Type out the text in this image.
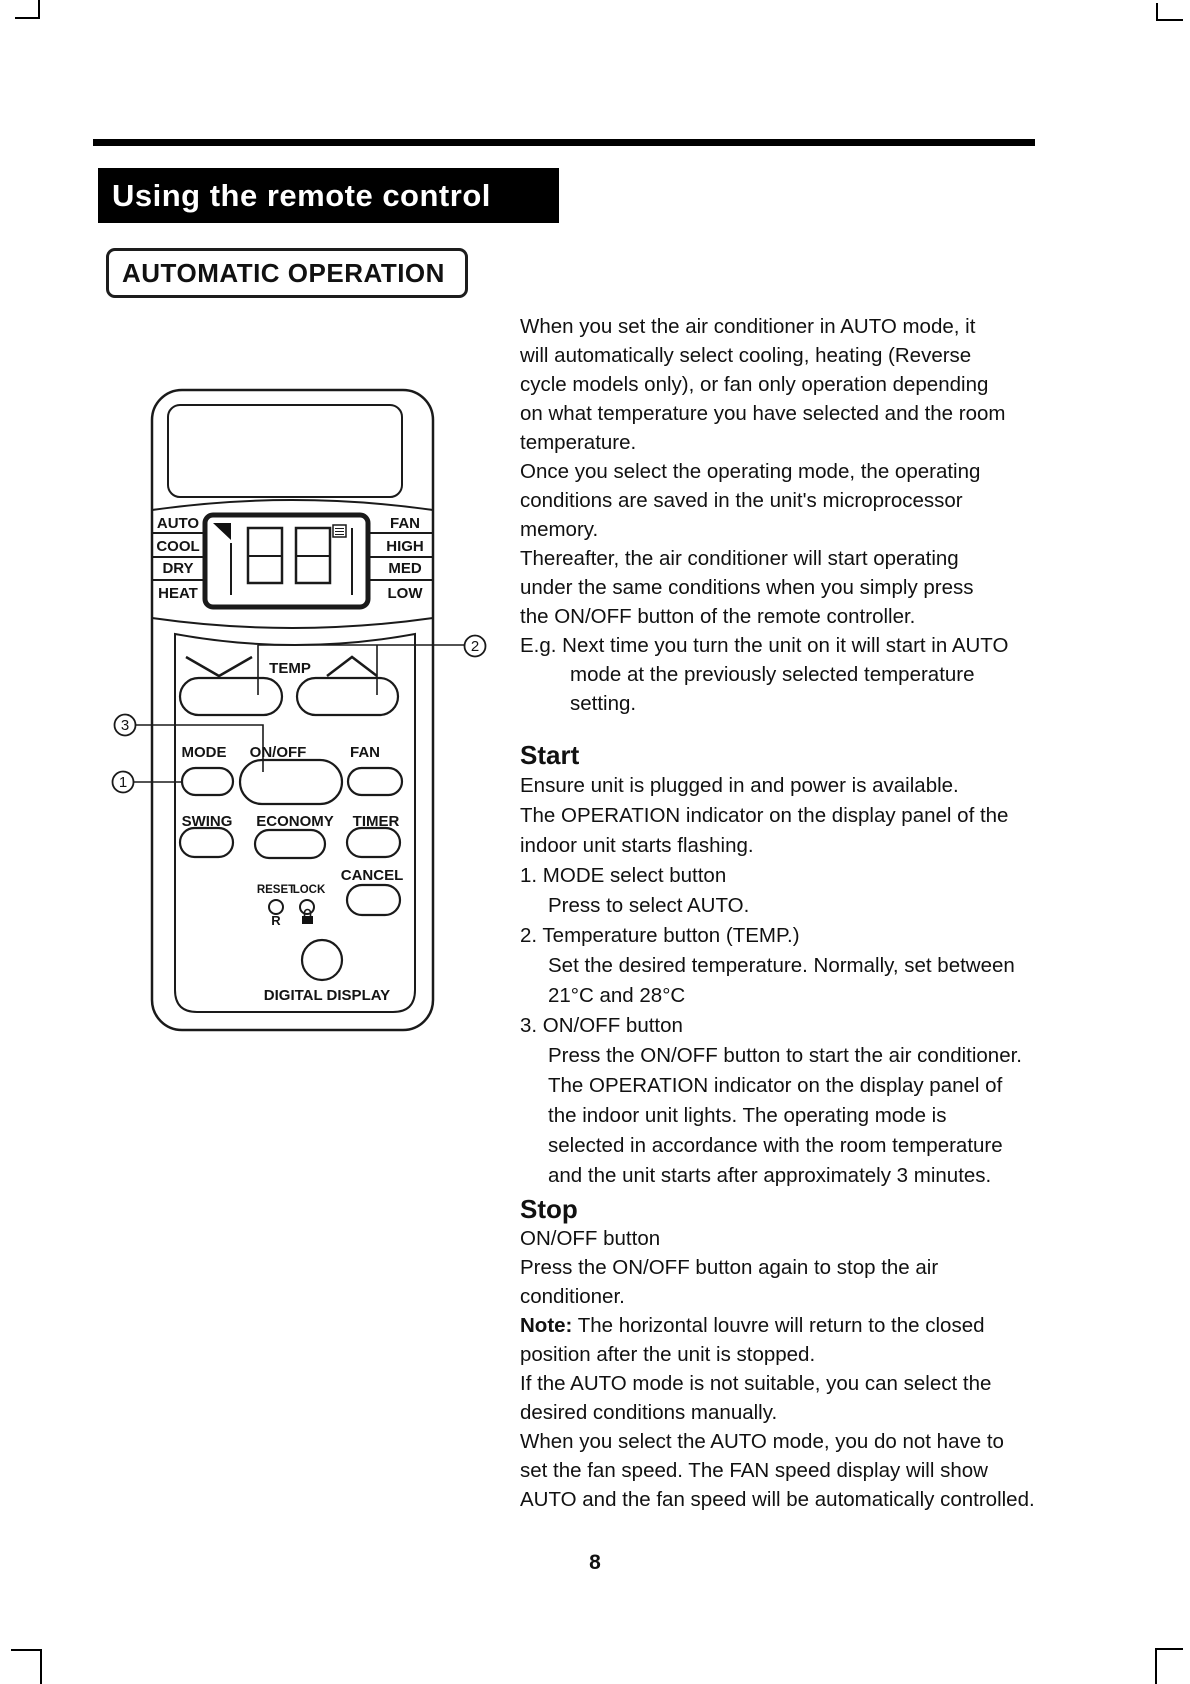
Using the remote control
AUTOMATIC OPERATION
AUTO
COOL
DRY
HEAT
FAN
HIGH
MED
LOW
TEMP
2
3
1
MODE ON/OFF	FAN
SWING ECONOMY TIMER
CANCEL
RESET
LOCK
R
DIGITAL DISPLAY
When you set the air conditioner in AUTO mode, it
will automatically select cooling, heating (Reverse
cycle models only), or fan only operation depending
on what temperature you have selected and the room
temperature.
Once you select the operating mode, the operating
conditions are saved in the unit's microprocessor
memory.
Thereafter, the air conditioner will start operating
under the same conditions when you simply press
the ON/OFF button of the remote controller.
E.g. Next time you turn the unit on it will start in AUTO
mode at the previously selected temperature
setting.
Start
Ensure unit is plugged in and power is available.
The OPERATION indicator on the display panel of the
indoor unit starts flashing.
1. MODE select button
Press to select AUTO.
2. Temperature button (TEMP.)
Set the desired temperature. Normally, set between
21°C and 28°C
3. ON/OFF button
Press the ON/OFF button to start the air conditioner.
The OPERATION indicator on the display panel of
the indoor unit lights. The operating mode is
selected in accordance with the room temperature
and the unit starts after approximately 3 minutes.
Stop
ON/OFF button
Press the ON/OFF button again to stop the air
conditioner.
Note: The horizontal louvre will return to the closed
position after the unit is stopped.
If the AUTO mode is not suitable, you can select the
desired conditions manually.
When you select the AUTO mode, you do not have to
set the fan speed. The FAN speed display will show
AUTO and the fan speed will be automatically controlled.
8
